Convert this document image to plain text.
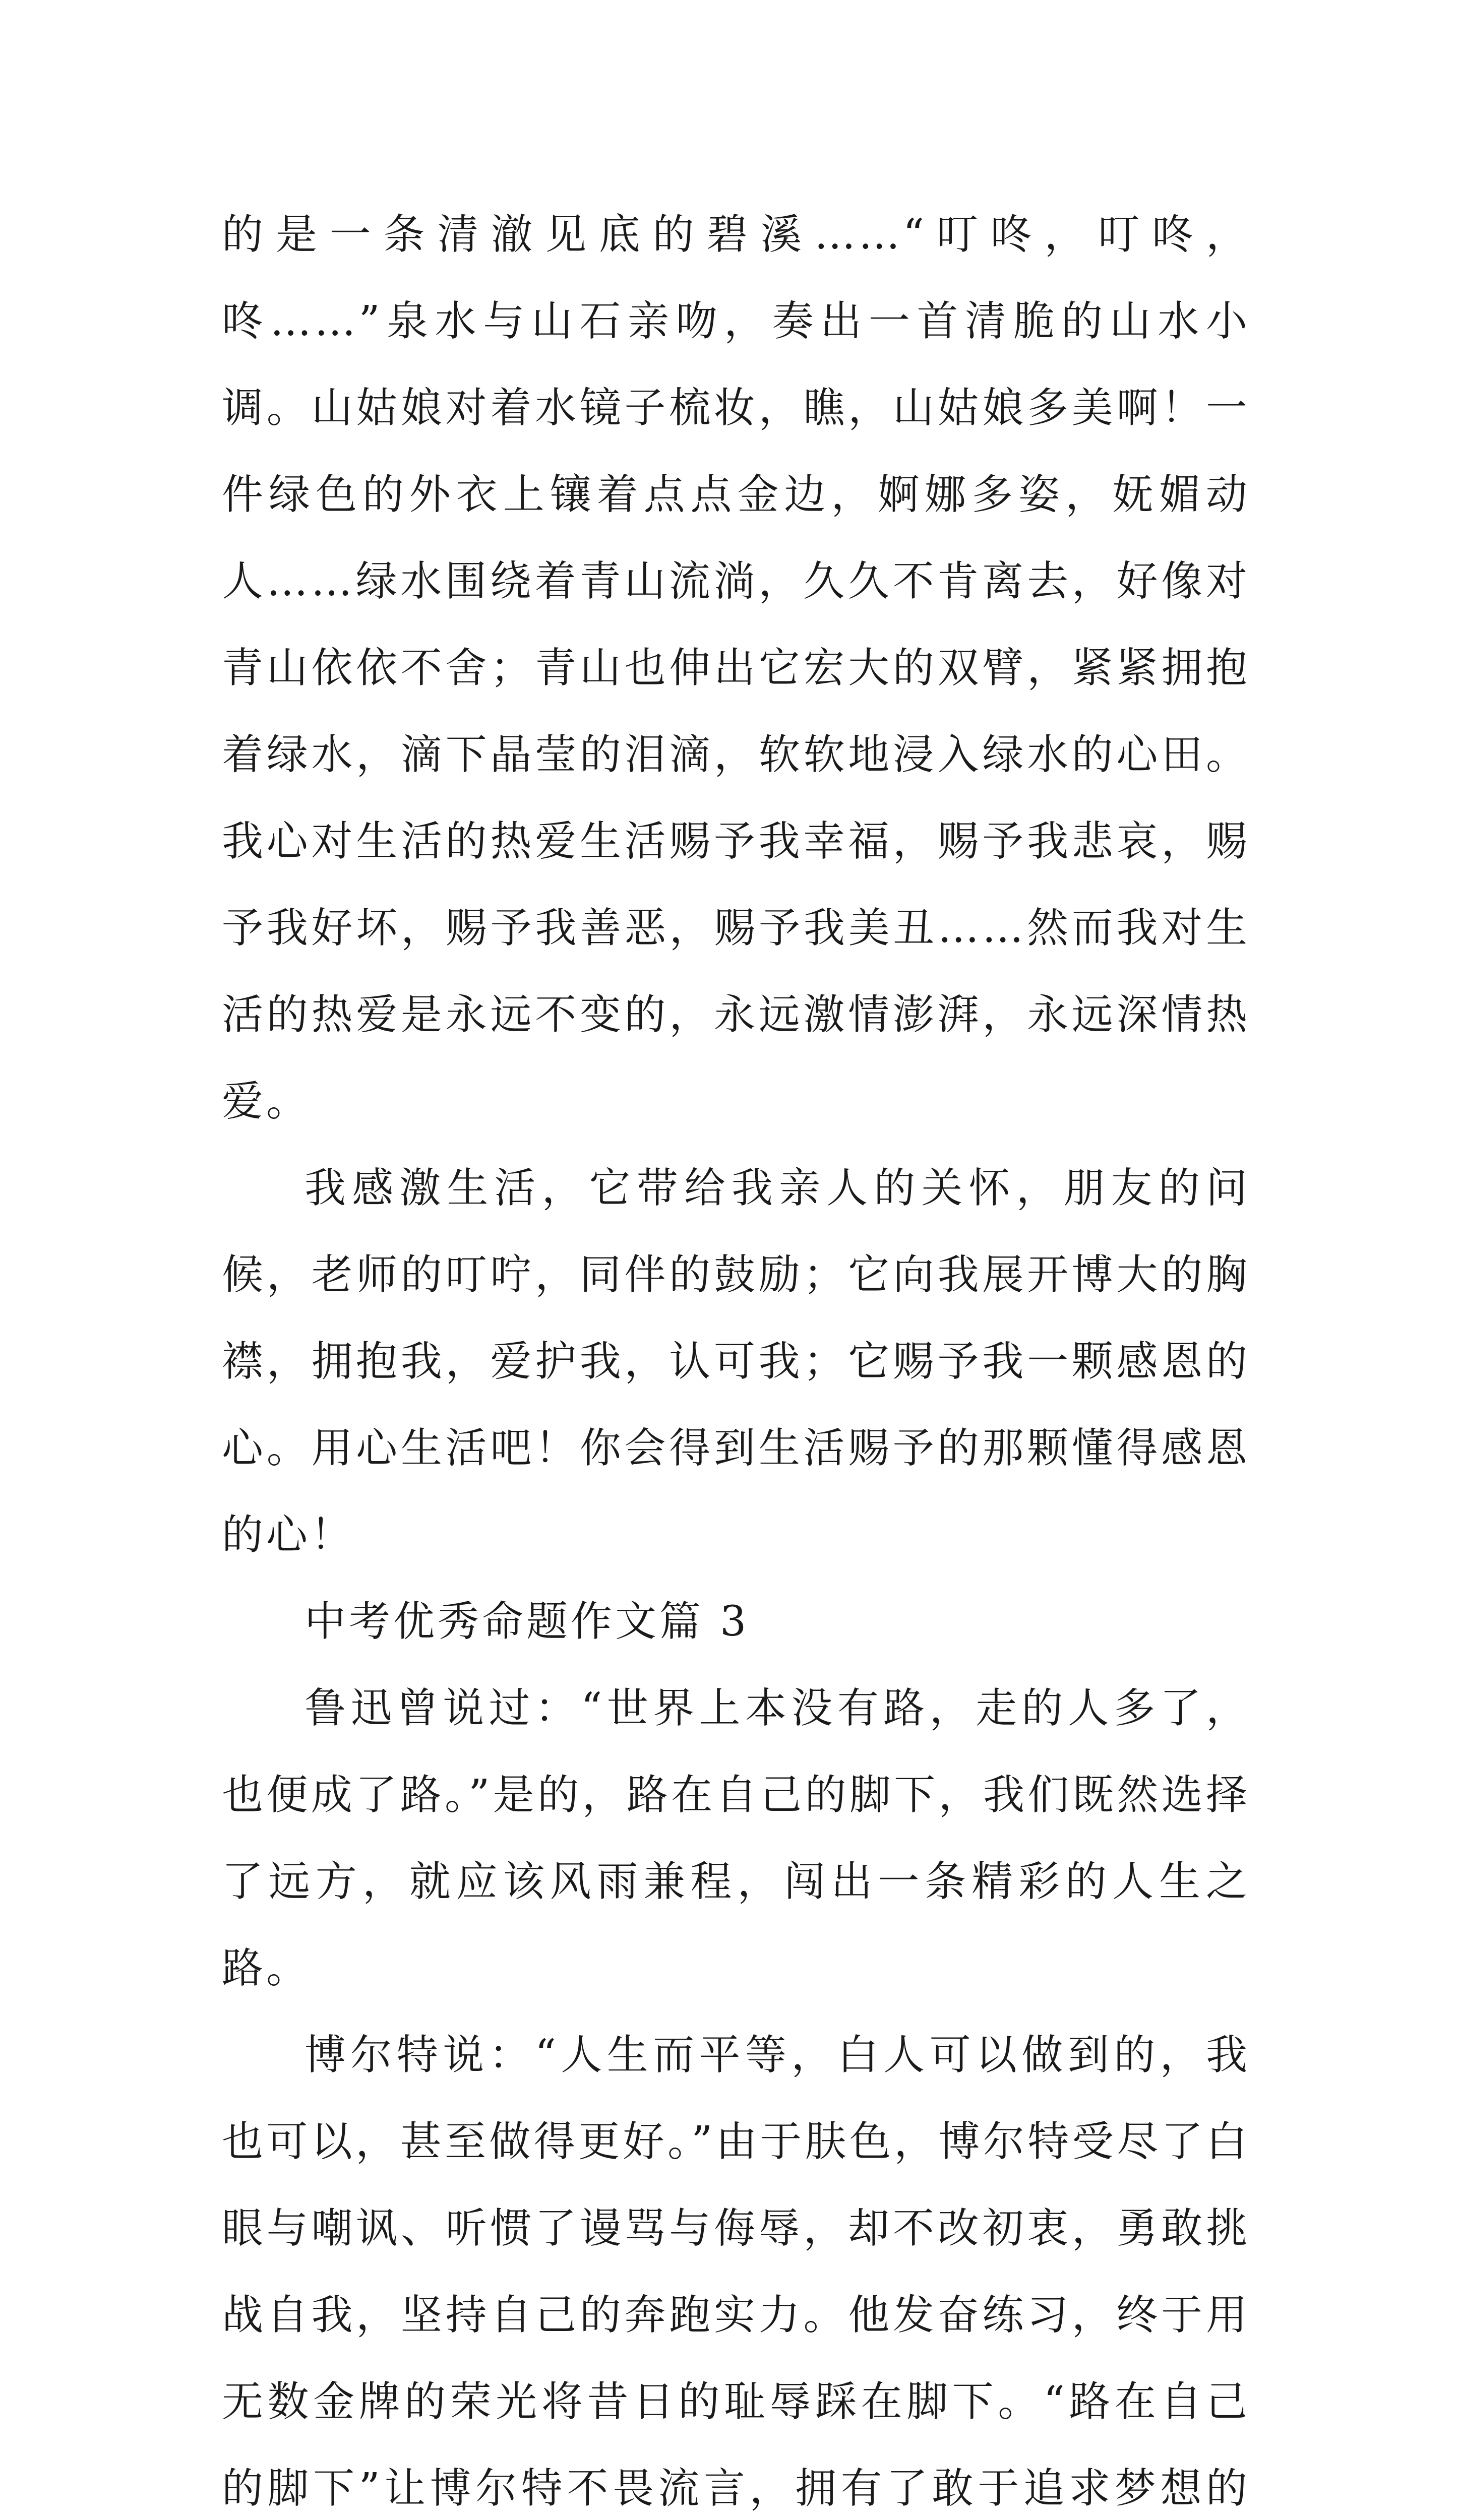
的是一条清澈见底的碧溪……“叮咚，叮咚，咚……”泉水与山石亲吻，奏出一首清脆的山水小调。山姑娘对着水镜子梳妆，瞧，山姑娘多美啊！一件绿色的外衣上镶着点点金边，婀娜多姿，妩媚动人……绿水围绕着青山流淌，久久不肯离去，好像对青山依依不舍；青山也伸出它宏大的双臂，紧紧拥抱着绿水，滴下晶莹的泪滴，软软地浸入绿水的心田。我心对生活的热爱生活赐予我幸福，赐予我悲哀，赐予我好坏，赐予我善恶，赐予我美丑……然而我对生活的热爱是永远不变的，永远激情澎湃，永远深情热爱。

我感激生活，它带给我亲人的关怀，朋友的问候，老师的叮咛，同伴的鼓励；它向我展开博大的胸襟，拥抱我，爱护我，认可我；它赐予我一颗感恩的心。用心生活吧！你会得到生活赐予的那颗懂得感恩的心！

中考优秀命题作文篇 3

鲁迅曾说过：“世界上本没有路，走的人多了，也便成了路。”是的，路在自己的脚下，我们既然选择了远方，就应该风雨兼程，闯出一条精彩的人生之路。

博尔特说：“人生而平等，白人可以做到的，我也可以，甚至做得更好。”由于肤色，博尔特受尽了白眼与嘲讽、听惯了谩骂与侮辱，却不改初衷，勇敢挑战自我，坚持自己的奔跑实力。他发奋练习，终于用无数金牌的荣光将昔日的耻辱踩在脚下。“路在自己的脚下”让博尔特不畏流言，拥有了敢于追求梦想的
